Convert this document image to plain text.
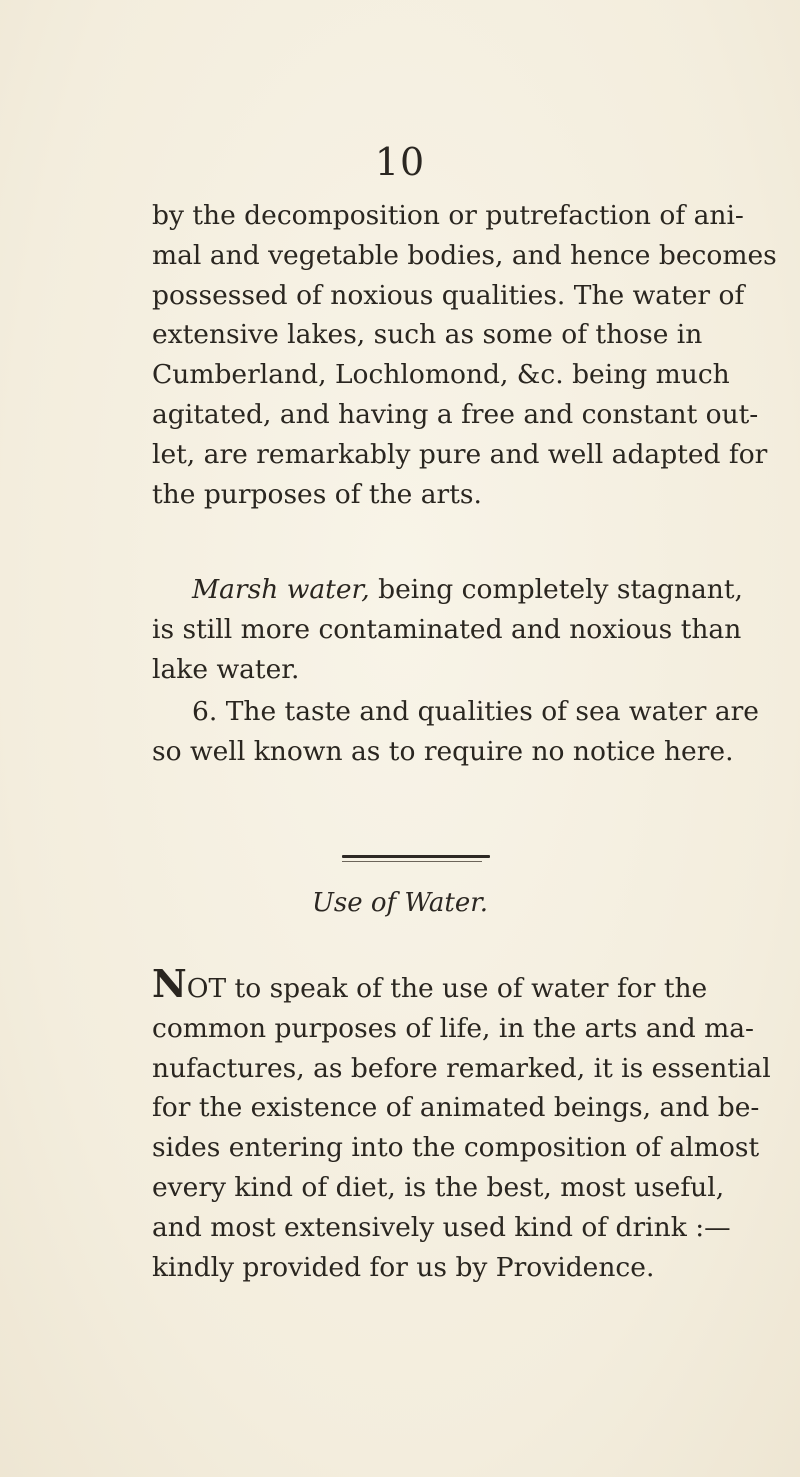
10
by the decomposition or putrefaction of ani-
mal and vegetable bodies, and hence becomes
possessed of noxious qualities. The water of
extensive lakes, such as some of those in
Cumberland, Lochlomond, &c. being much
agitated, and having a free and constant out-
let, are remarkably pure and well adapted for
the purposes of the arts.
Marsh water, being completely stagnant,
is still more contaminated and noxious than
lake water.
6. The taste and qualities of sea water are
so well known as to require no notice here.
Use of Water.
NOT to speak of the use of water for the
common purposes of life, in the arts and ma-
nufactures, as before remarked, it is essential
for the existence of animated beings, and be-
sides entering into the composition of almost
every kind of diet, is the best, most useful,
and most extensively used kind of drink :—
kindly provided for us by Providence.
